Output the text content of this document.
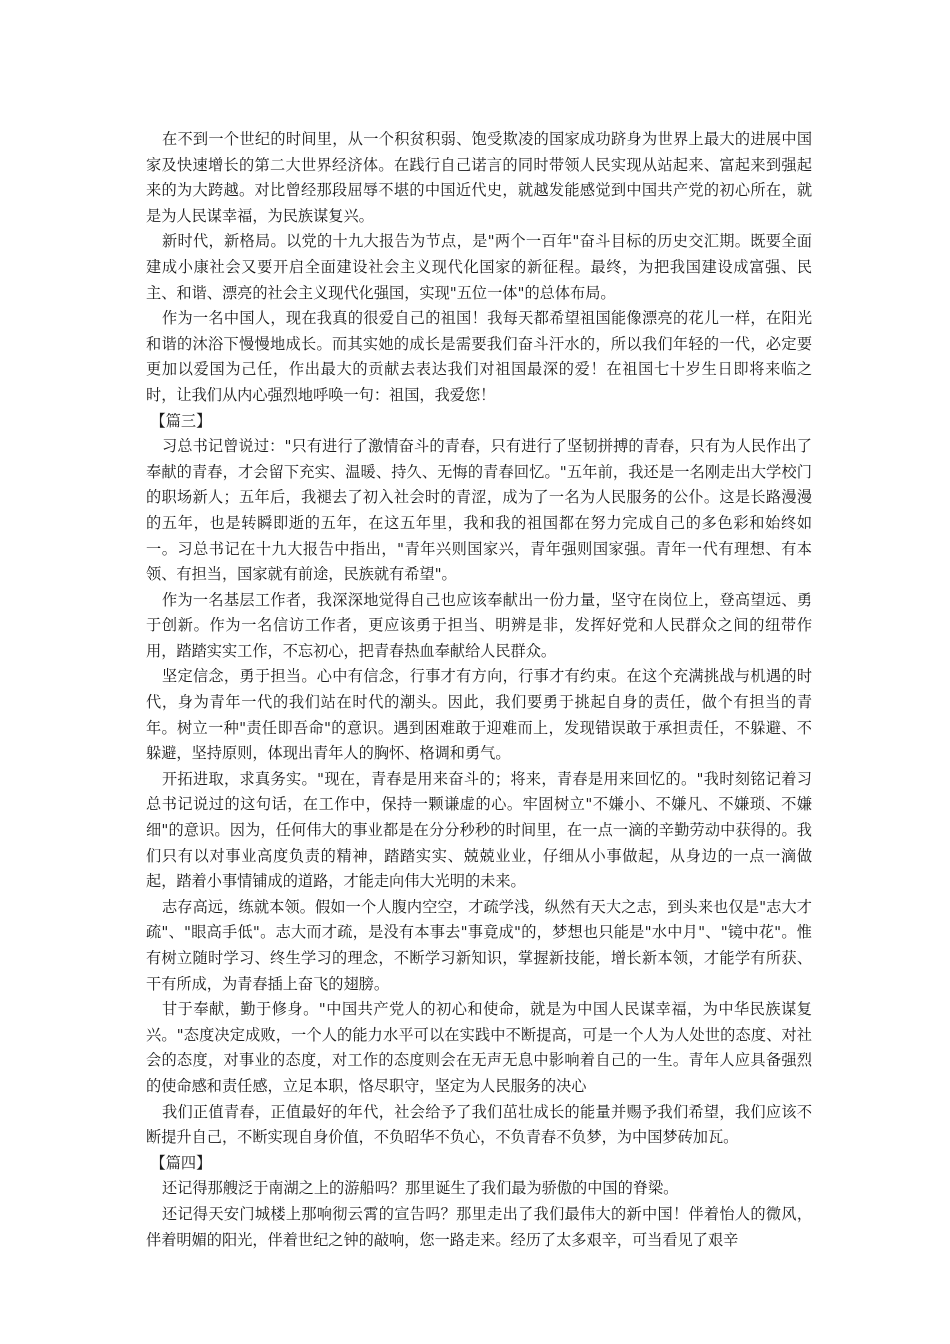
在不到一个世纪的时间里，从一个积贫积弱、饱受欺凌的国家成功跻身为世界上最大的进展中国家及快速增长的第二大世界经济体。在践行自己诺言的同时带领人民实现从站起来、富起来到强起来的为大跨越。对比曾经那段屈辱不堪的中国近代史，就越发能感觉到中国共产党的初心所在，就是为人民谋幸福，为民族谋复兴。

新时代，新格局。以党的十九大报告为节点，是"两个一百年"奋斗目标的历史交汇期。既要全面建成小康社会又要开启全面建设社会主义现代化国家的新征程。最终，为把我国建设成富强、民主、和谐、漂亮的社会主义现代化强国，实现"五位一体"的总体布局。

作为一名中国人，现在我真的很爱自己的祖国！我每天都希望祖国能像漂亮的花儿一样，在阳光和谐的沐浴下慢慢地成长。而其实她的成长是需要我们奋斗汗水的，所以我们年轻的一代，必定要更加以爱国为己任，作出最大的贡献去表达我们对祖国最深的爱！在祖国七十岁生日即将来临之时，让我们从内心强烈地呼唤一句：祖国，我爱您！

【篇三】

习总书记曾说过："只有进行了激情奋斗的青春，只有进行了坚韧拼搏的青春，只有为人民作出了奉献的青春，才会留下充实、温暖、持久、无悔的青春回忆。"五年前，我还是一名刚走出大学校门的职场新人；五年后，我褪去了初入社会时的青涩，成为了一名为人民服务的公仆。这是长路漫漫的五年，也是转瞬即逝的五年，在这五年里，我和我的祖国都在努力完成自己的多色彩和始终如一。习总书记在十九大报告中指出，"青年兴则国家兴，青年强则国家强。青年一代有理想、有本领、有担当，国家就有前途，民族就有希望"。

作为一名基层工作者，我深深地觉得自己也应该奉献出一份力量，坚守在岗位上，登高望远、勇于创新。作为一名信访工作者，更应该勇于担当、明辨是非，发挥好党和人民群众之间的纽带作用，踏踏实实工作，不忘初心，把青春热血奉献给人民群众。

坚定信念，勇于担当。心中有信念，行事才有方向，行事才有约束。在这个充满挑战与机遇的时代，身为青年一代的我们站在时代的潮头。因此，我们要勇于挑起自身的责任，做个有担当的青年。树立一种"责任即吾命"的意识。遇到困难敢于迎难而上，发现错误敢于承担责任，不躲避、不躲避，坚持原则，体现出青年人的胸怀、格调和勇气。

开拓进取，求真务实。"现在，青春是用来奋斗的；将来，青春是用来回忆的。"我时刻铭记着习总书记说过的这句话，在工作中，保持一颗谦虚的心。牢固树立"不嫌小、不嫌凡、不嫌琐、不嫌细"的意识。因为，任何伟大的事业都是在分分秒秒的时间里，在一点一滴的辛勤劳动中获得的。我们只有以对事业高度负责的精神，踏踏实实、兢兢业业，仔细从小事做起，从身边的一点一滴做起，踏着小事情铺成的道路，才能走向伟大光明的未来。

志存高远，练就本领。假如一个人腹内空空，才疏学浅，纵然有天大之志，到头来也仅是"志大才疏"、"眼高手低"。志大而才疏，是没有本事去"事竟成"的，梦想也只能是"水中月"、"镜中花"。惟有树立随时学习、终生学习的理念，不断学习新知识，掌握新技能，增长新本领，才能学有所获、干有所成，为青春插上奋飞的翅膀。

甘于奉献，勤于修身。"中国共产党人的初心和使命，就是为中国人民谋幸福，为中华民族谋复兴。"态度决定成败，一个人的能力水平可以在实践中不断提高，可是一个人为人处世的态度、对社会的态度，对事业的态度，对工作的态度则会在无声无息中影响着自己的一生。青年人应具备强烈的使命感和责任感，立足本职，恪尽职守，坚定为人民服务的决心

我们正值青春，正值最好的年代，社会给予了我们茁壮成长的能量并赐予我们希望，我们应该不断提升自己，不断实现自身价值，不负昭华不负心，不负青春不负梦，为中国梦砖加瓦。

【篇四】

还记得那艘泛于南湖之上的游船吗？那里诞生了我们最为骄傲的中国的脊梁。

还记得天安门城楼上那响彻云霄的宣告吗？那里走出了我们最伟大的新中国！伴着怡人的微风，伴着明媚的阳光，伴着世纪之钟的敲响，您一路走来。经历了太多艰辛，可当看见了艰辛
